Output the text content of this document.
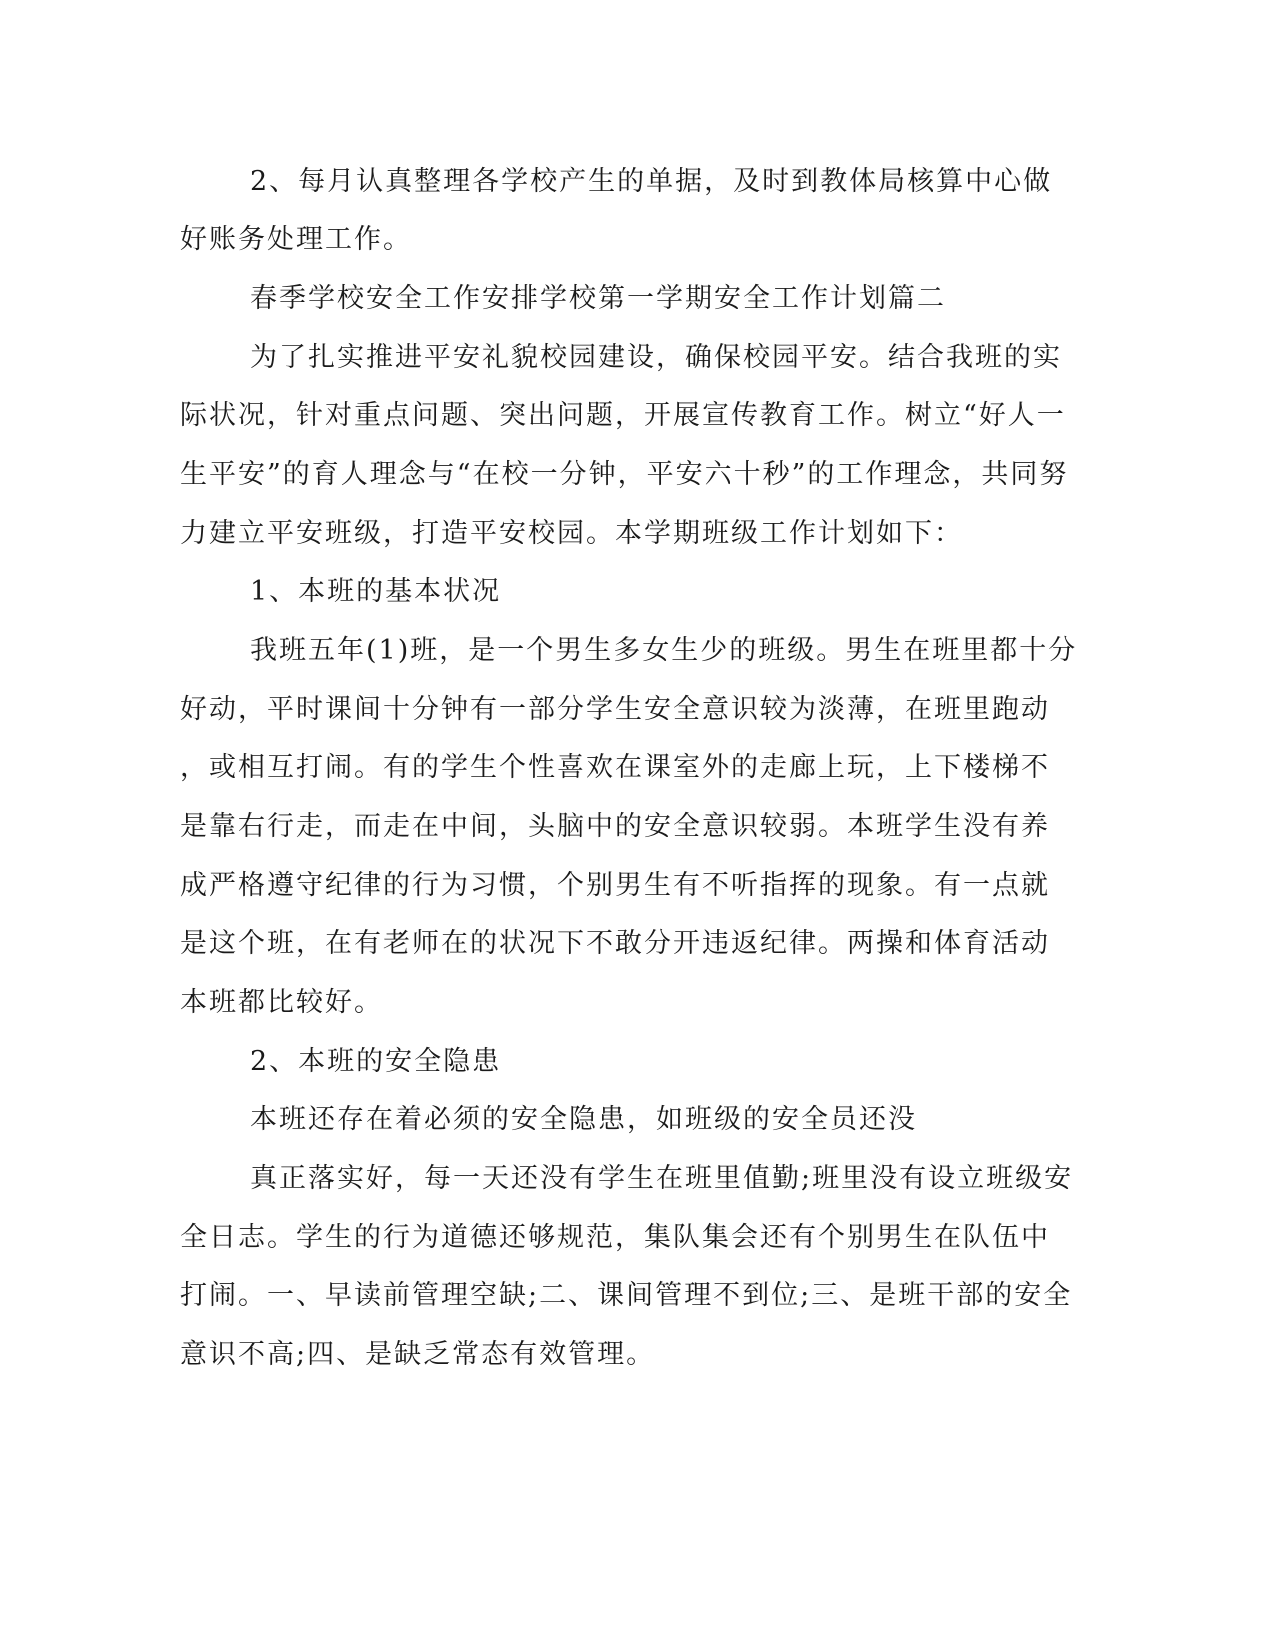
2、每月认真整理各学校产生的单据，及时到教体局核算中心做
好账务处理工作。
春季学校安全工作安排学校第一学期安全工作计划篇二
为了扎实推进平安礼貌校园建设，确保校园平安。结合我班的实
际状况，针对重点问题、突出问题，开展宣传教育工作。树立“好人一
生平安”的育人理念与“在校一分钟，平安六十秒”的工作理念，共同努
力建立平安班级，打造平安校园。本学期班级工作计划如下：
1、本班的基本状况
我班五年(1)班，是一个男生多女生少的班级。男生在班里都十分
好动，平时课间十分钟有一部分学生安全意识较为淡薄，在班里跑动
，或相互打闹。有的学生个性喜欢在课室外的走廊上玩，上下楼梯不
是靠右行走，而走在中间，头脑中的安全意识较弱。本班学生没有养
成严格遵守纪律的行为习惯，个别男生有不听指挥的现象。有一点就
是这个班，在有老师在的状况下不敢分开违返纪律。两操和体育活动
本班都比较好。
2、本班的安全隐患
本班还存在着必须的安全隐患，如班级的安全员还没
真正落实好，每一天还没有学生在班里值勤;班里没有设立班级安
全日志。学生的行为道德还够规范，集队集会还有个别男生在队伍中
打闹。一、早读前管理空缺;二、课间管理不到位;三、是班干部的安全
意识不高;四、是缺乏常态有效管理。
